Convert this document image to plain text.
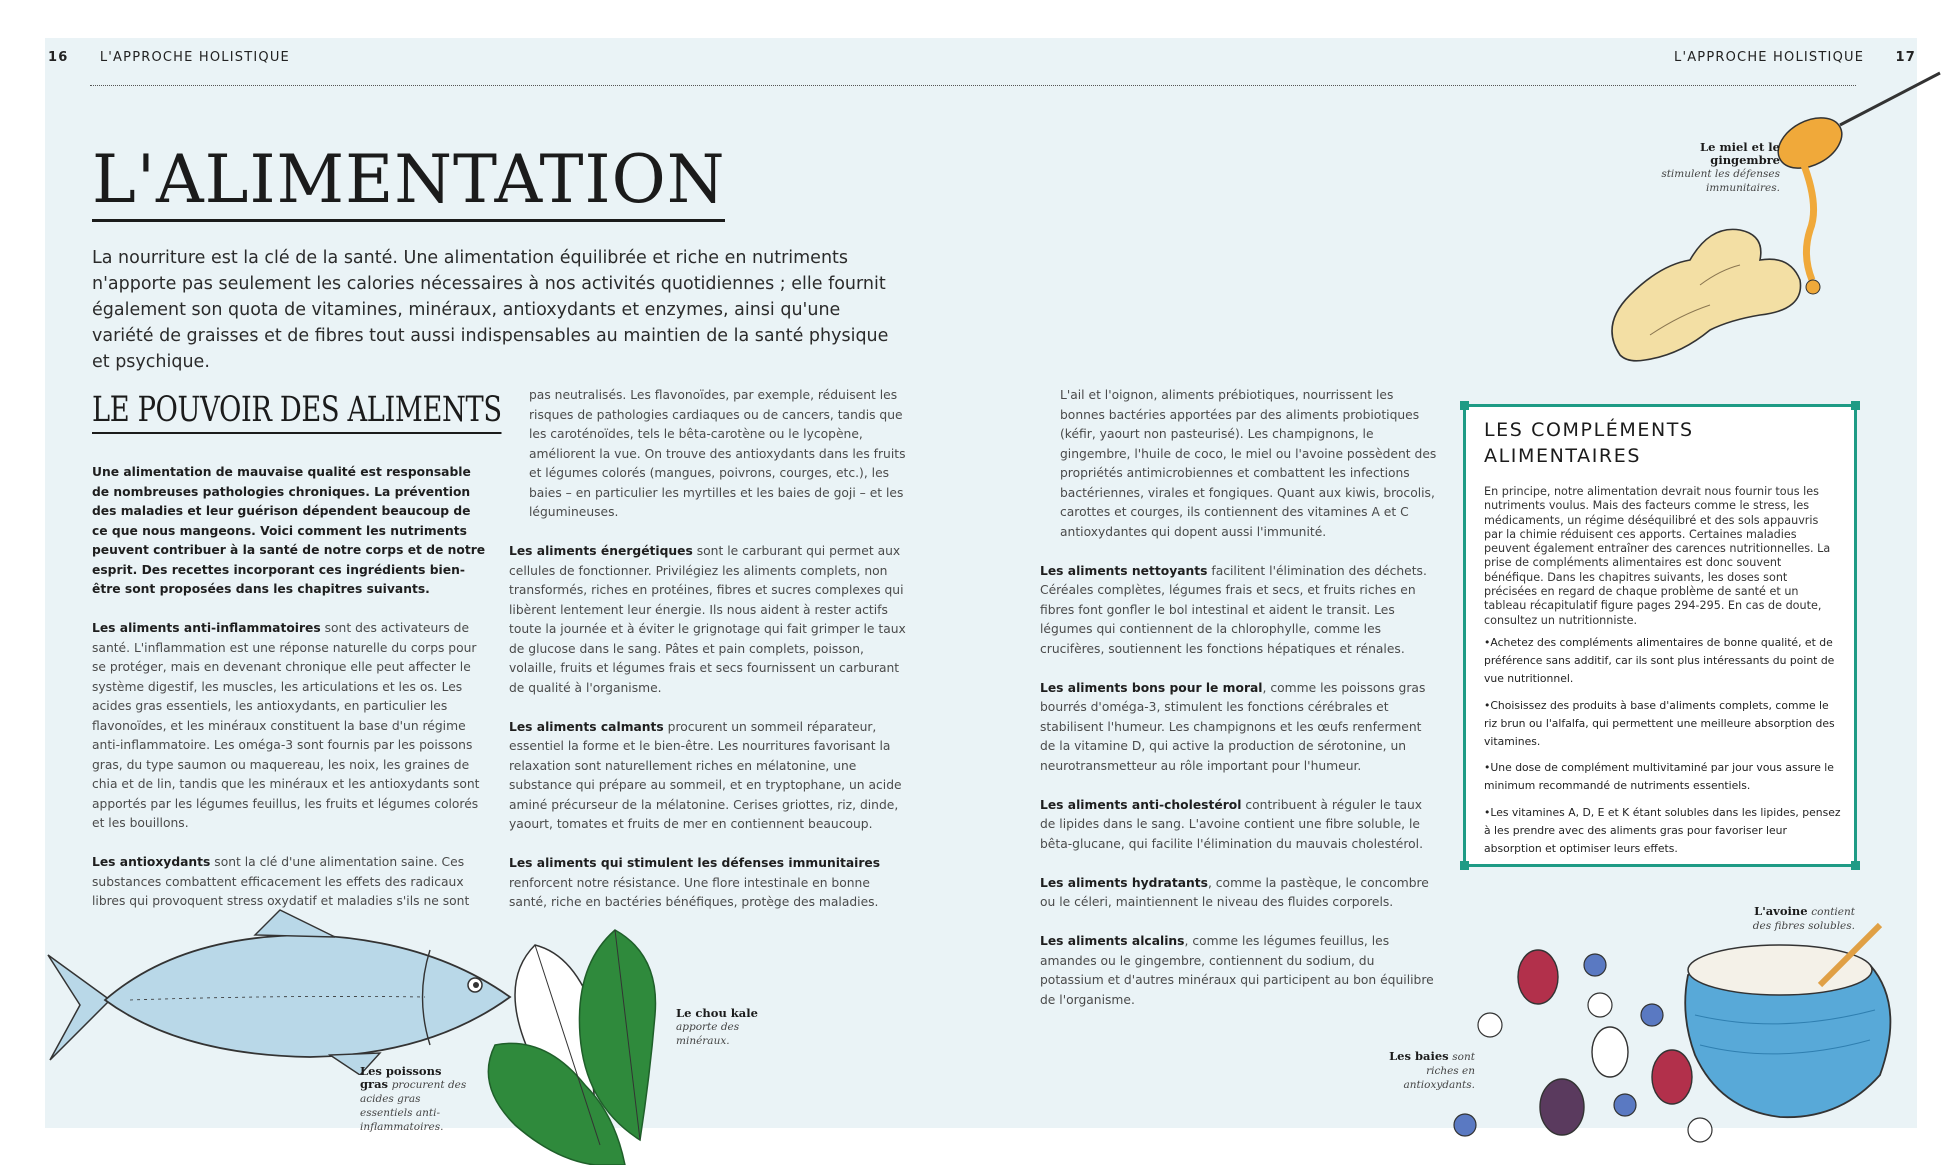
16 L'APPROCHE HOLISTIQUE	L'APPROCHE HOLISTIQUE 17
L'ALIMENTATION
La nourriture est la clé de la santé. Une alimentation équilibrée et riche en nutriments n'apporte pas seulement les calories nécessaires à nos activités quotidiennes ; elle fournit également son quota de vitamines, minéraux, antioxydants et enzymes, ainsi qu'une variété de graisses et de fibres tout aussi indispensables au maintien de la santé physique et psychique.
LE POUVOIR DES ALIMENTS

Une alimentation de mauvaise qualité est responsable de nombreuses pathologies chroniques. La prévention des maladies et leur guérison dépendent beaucoup de ce que nous mangeons. Voici comment les nutriments peuvent contribuer à la santé de notre corps et de notre esprit. Des recettes incorporant ces ingrédients bien-être sont proposées dans les chapitres suivants.

Les aliments anti-inflammatoires sont des activateurs de santé. L'inflammation est une réponse naturelle du corps pour se protéger, mais en devenant chronique elle peut affecter le système digestif, les muscles, les articulations et les os. Les acides gras essentiels, les antioxydants, en particulier les flavonoïdes, et les minéraux constituent la base d'un régime anti-inflammatoire. Les oméga-3 sont fournis par les poissons gras, du type saumon ou maquereau, les noix, les graines de chia et de lin, tandis que les minéraux et les antioxydants sont apportés par les légumes feuillus, les fruits et légumes colorés et les bouillons.

Les antioxydants sont la clé d'une alimentation saine. Ces substances combattent efficacement les effets des radicaux libres qui provoquent stress oxydatif et maladies s'ils ne sont

pas neutralisés. Les flavonoïdes, par exemple, réduisent les risques de pathologies cardiaques ou de cancers, tandis que les caroténoïdes, tels le bêta-carotène ou le lycopène, améliorent la vue. On trouve des antioxydants dans les fruits et légumes colorés (mangues, poivrons, courges, etc.), les baies – en particulier les myrtilles et les baies de goji – et les légumineuses.

Les aliments énergétiques sont le carburant qui permet aux cellules de fonctionner. Privilégiez les aliments complets, non transformés, riches en protéines, fibres et sucres complexes qui libèrent lentement leur énergie. Ils nous aident à rester actifs toute la journée et à éviter le grignotage qui fait grimper le taux de glucose dans le sang. Pâtes et pain complets, poisson, volaille, fruits et légumes frais et secs fournissent un carburant de qualité à l'organisme.

Les aliments calmants procurent un sommeil réparateur, essentiel la forme et le bien-être. Les nourritures favorisant la relaxation sont naturellement riches en mélatonine, une substance qui prépare au sommeil, et en tryptophane, un acide aminé précurseur de la mélatonine. Cerises griottes, riz, dinde, yaourt, tomates et fruits de mer en contiennent beaucoup.

Les aliments qui stimulent les défenses immunitaires renforcent notre résistance. Une flore intestinale en bonne santé, riche en bactéries bénéfiques, protège des maladies.

L'ail et l'oignon, aliments prébiotiques, nourrissent les bonnes bactéries apportées par des aliments probiotiques (kéfir, yaourt non pasteurisé). Les champignons, le gingembre, l'huile de coco, le miel ou l'avoine possèdent des propriétés antimicrobiennes et combattent les infections bactériennes, virales et fongiques. Quant aux kiwis, brocolis, carottes et courges, ils contiennent des vitamines A et C antioxydantes qui dopent aussi l'immunité.

Les aliments nettoyants facilitent l'élimination des déchets. Céréales complètes, légumes frais et secs, et fruits riches en fibres font gonfler le bol intestinal et aident le transit. Les légumes qui contiennent de la chlorophylle, comme les crucifères, soutiennent les fonctions hépatiques et rénales.

Les aliments bons pour le moral, comme les poissons gras bourrés d'oméga-3, stimulent les fonctions cérébrales et stabilisent l'humeur. Les champignons et les œufs renferment de la vitamine D, qui active la production de sérotonine, un neurotransmetteur au rôle important pour l'humeur.

Les aliments anti-cholestérol contribuent à réguler le taux de lipides dans le sang. L'avoine contient une fibre soluble, le bêta-glucane, qui facilite l'élimination du mauvais cholestérol.

Les aliments hydratants, comme la pastèque, le concombre ou le céleri, maintiennent le niveau des fluides corporels.

Les aliments alcalins, comme les légumes feuillus, les amandes ou le gingembre, contiennent du sodium, du potassium et d'autres minéraux qui participent au bon équilibre de l'organisme.

LES COMPLÉMENTS ALIMENTAIRES
En principe, notre alimentation devrait nous fournir tous les nutriments voulus. Mais des facteurs comme le stress, les médicaments, un régime déséquilibré et des sols appauvris par la chimie réduisent ces apports. Certaines maladies peuvent également entraîner des carences nutritionnelles. La prise de compléments alimentaires est donc souvent bénéfique. Dans les chapitres suivants, les doses sont précisées en regard de chaque problème de santé et un tableau récapitulatif figure pages 294-295. En cas de doute, consultez un nutritionniste.
•Achetez des compléments alimentaires de bonne qualité, et de préférence sans additif, car ils sont plus intéressants du point de vue nutritionnel.
•Choisissez des produits à base d'aliments complets, comme le riz brun ou l'alfalfa, qui permettent une meilleure absorption des vitamines.
•Une dose de complément multivitaminé par jour vous assure le minimum recommandé de nutriments essentiels.
•Les vitamines A, D, E et K étant solubles dans les lipides, pensez à les prendre avec des aliments gras pour favoriser leur absorption et optimiser leurs effets.
Le miel et le gingembre
stimulent les défenses immunitaires.
Les poissons gras procurent des acides gras essentiels anti-inflammatoires.
Le chou kale
apporte des minéraux.
Les baies sont riches en antioxydants.
L'avoine contient des fibres solubles.
